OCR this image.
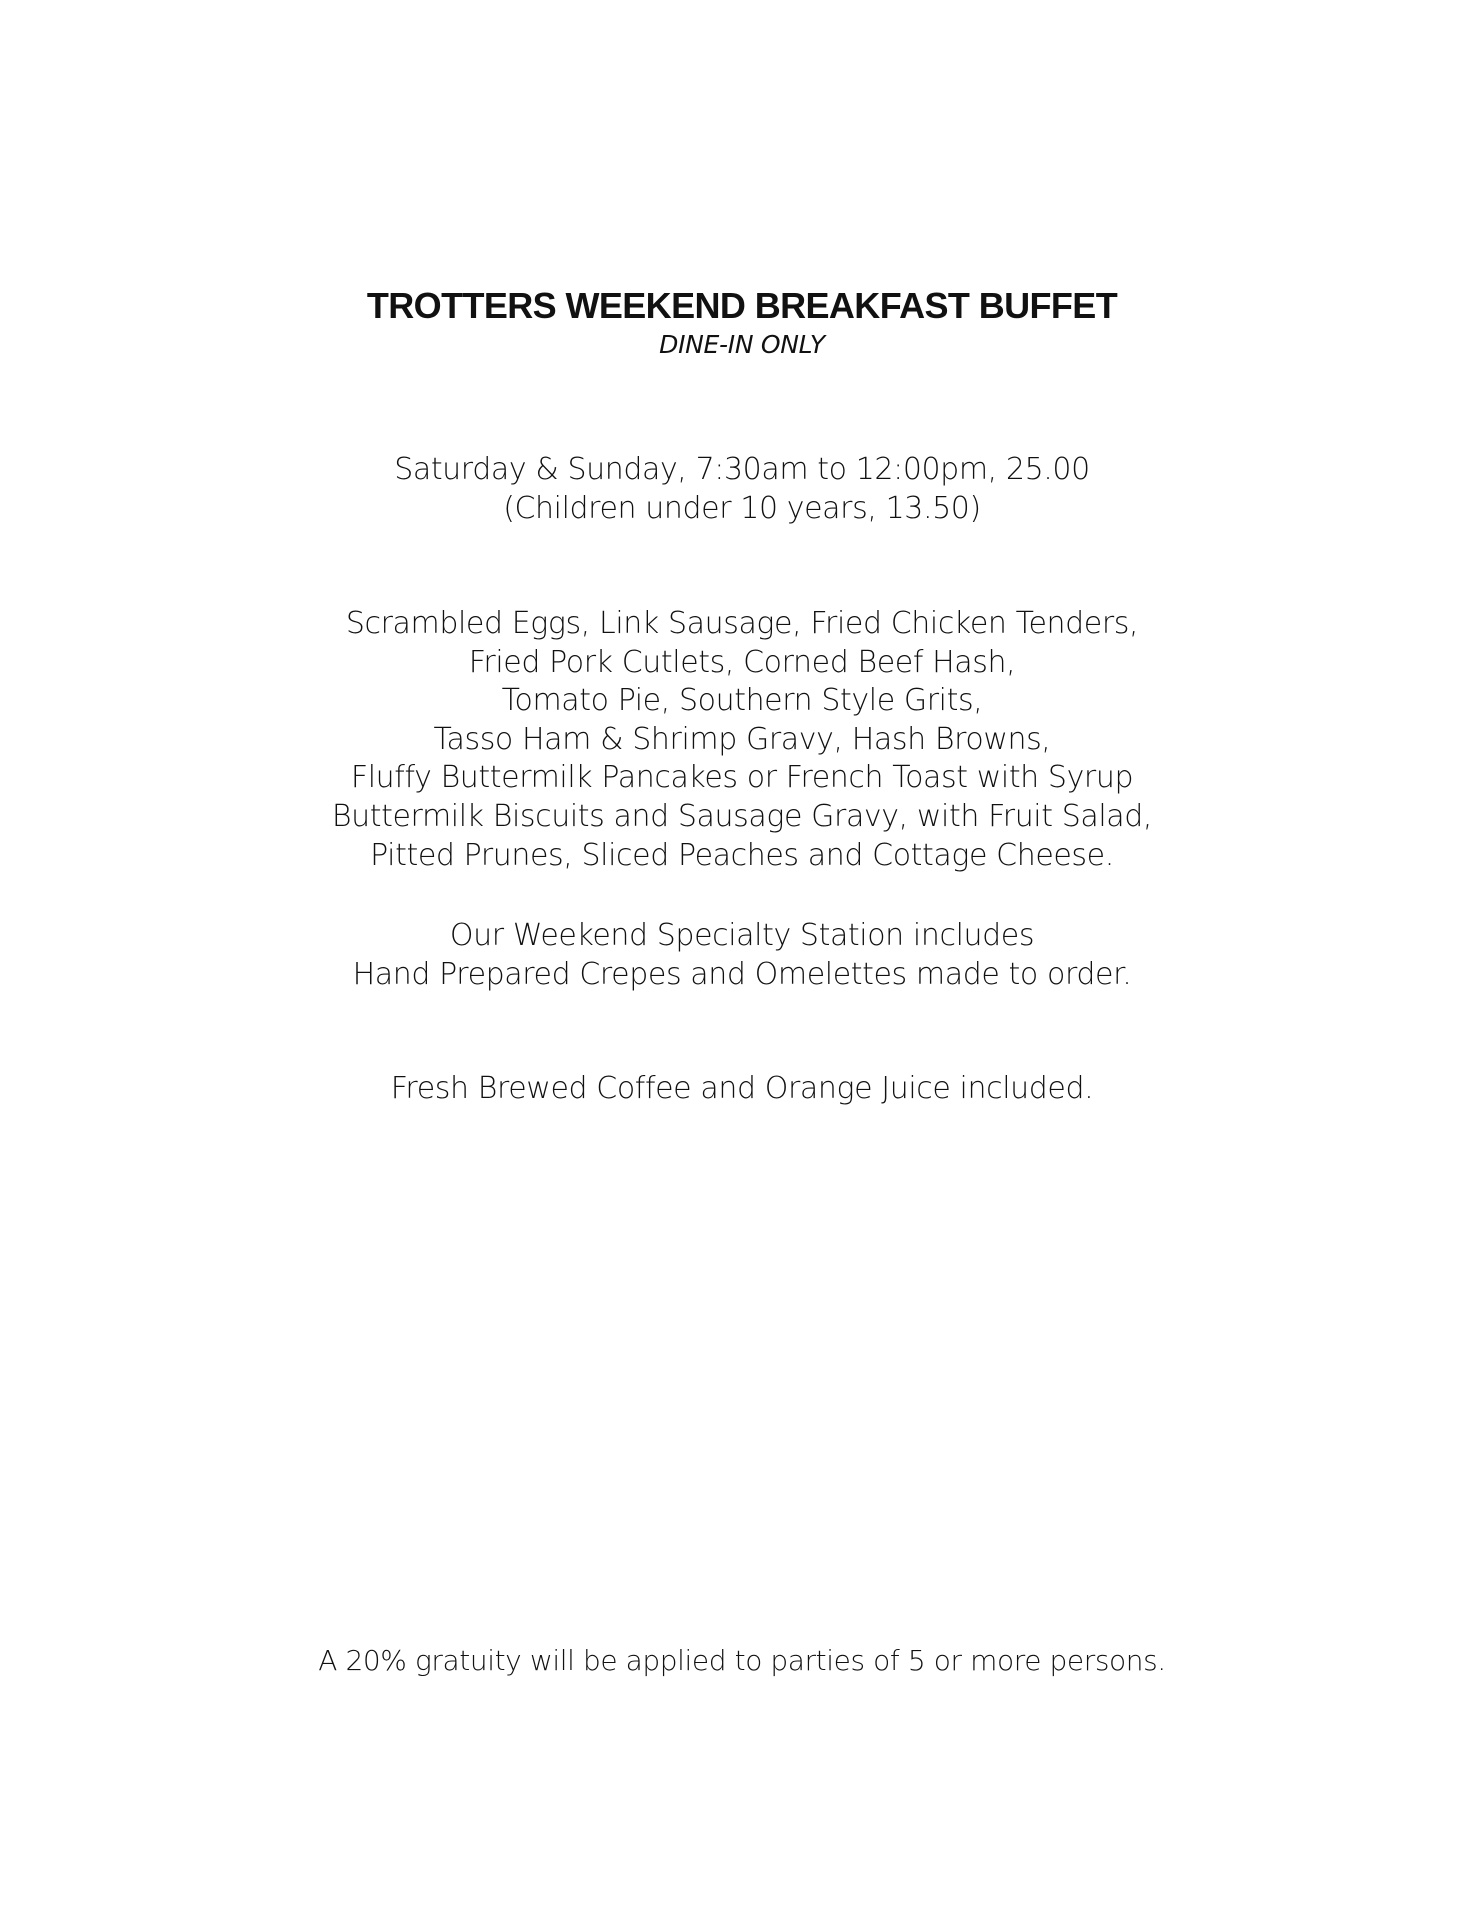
TROTTERS WEEKEND BREAKFAST BUFFET
DINE-IN ONLY
Saturday & Sunday, 7:30am to 12:00pm, 25.00
(Children under 10 years, 13.50)
Scrambled Eggs, Link Sausage, Fried Chicken Tenders,
Fried Pork Cutlets, Corned Beef Hash,
Tomato Pie, Southern Style Grits,
Tasso Ham & Shrimp Gravy, Hash Browns,
Fluffy Buttermilk Pancakes or French Toast with Syrup
Buttermilk Biscuits and Sausage Gravy, with Fruit Salad,
Pitted Prunes, Sliced Peaches and Cottage Cheese.
Our Weekend Specialty Station includes
Hand Prepared Crepes and Omelettes made to order.
Fresh Brewed Coffee and Orange Juice included.
A 20% gratuity will be applied to parties of 5 or more persons.
